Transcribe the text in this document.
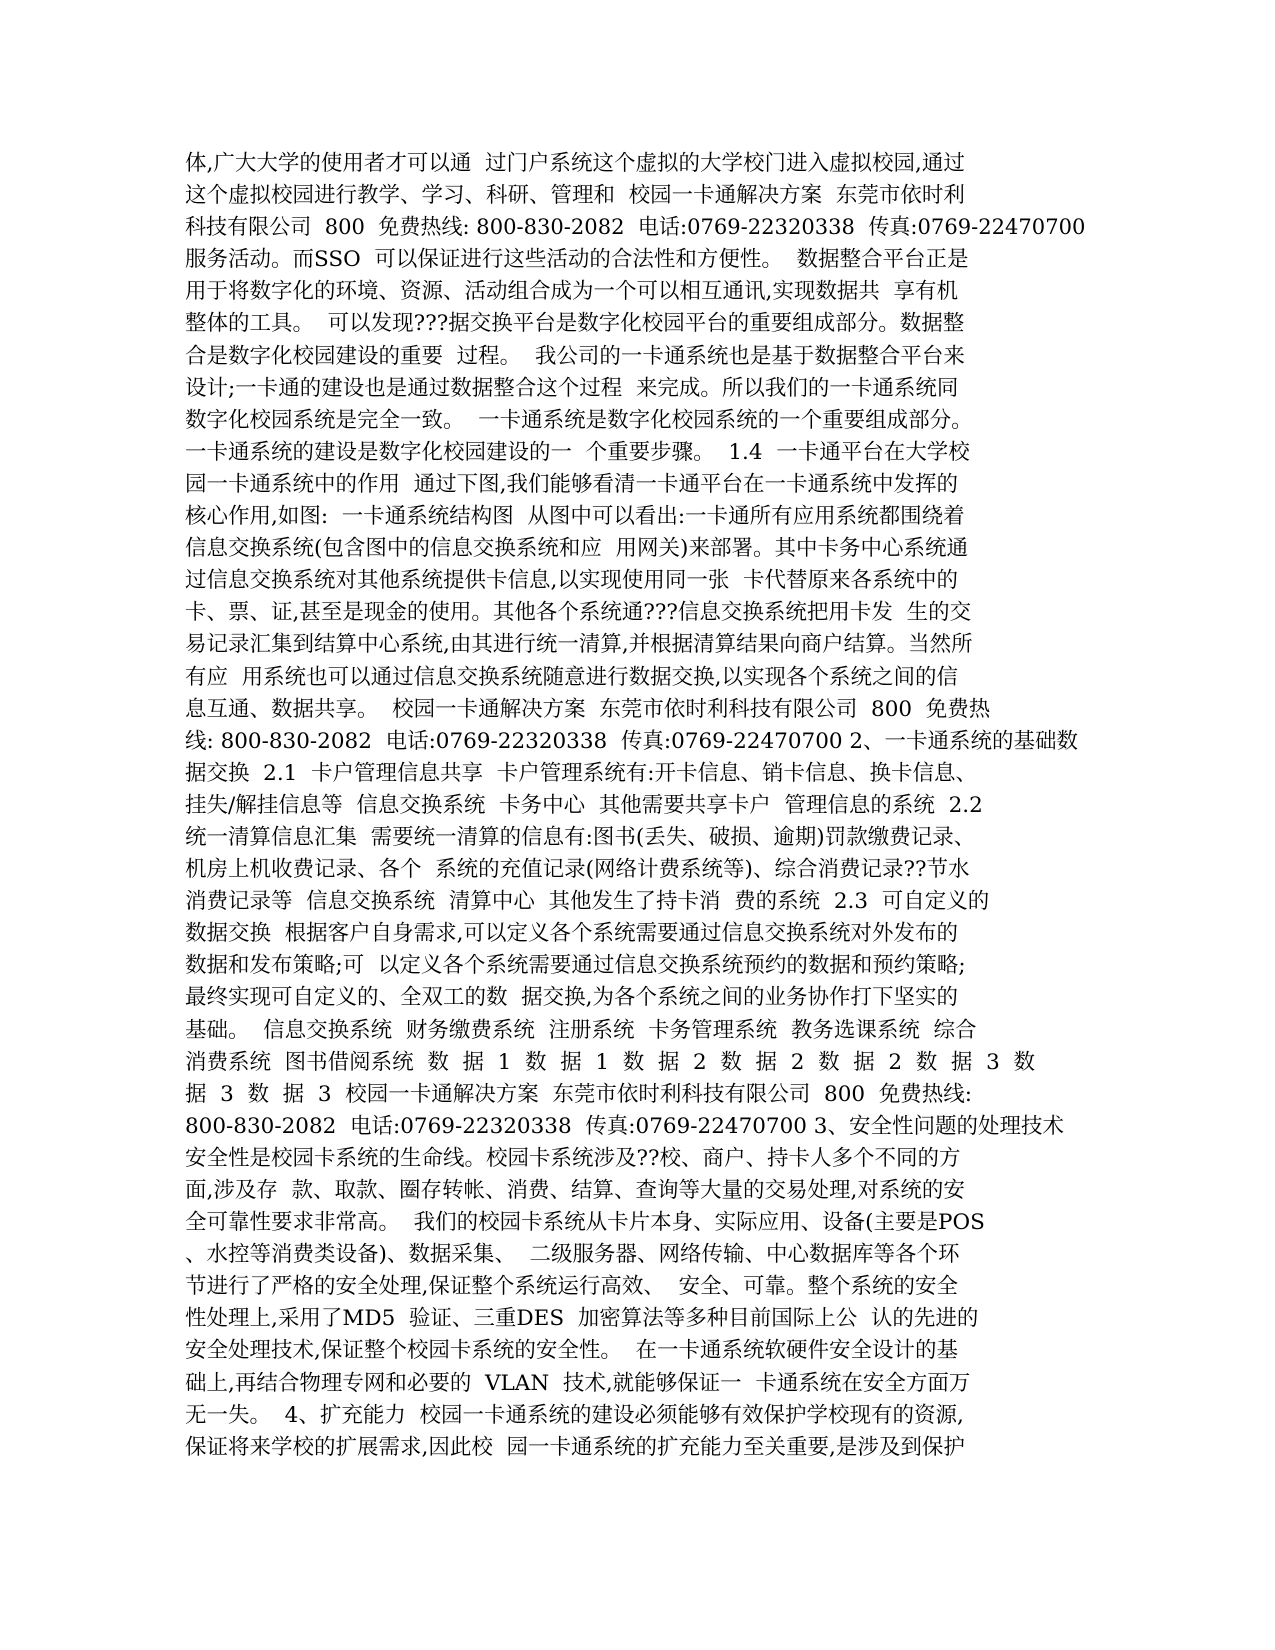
体,广大大学的使用者才可以通  过门户系统这个虚拟的大学校门进入虚拟校园,通过
这个虚拟校园进行教学、学习、科研、管理和  校园一卡通解决方案  东莞市依时利
科技有限公司  800  免费热线: 800-830-2082  电话:0769-22320338  传真:0769-22470700
服务活动。而SSO  可以保证进行这些活动的合法性和方便性。  数据整合平台正是
用于将数字化的环境、资源、活动组合成为一个可以相互通讯,实现数据共  享有机
整体的工具。  可以发现???据交换平台是数字化校园平台的重要组成部分。数据整
合是数字化校园建设的重要  过程。  我公司的一卡通系统也是基于数据整合平台来
设计;一卡通的建设也是通过数据整合这个过程  来完成。所以我们的一卡通系统同
数字化校园系统是完全一致。  一卡通系统是数字化校园系统的一个重要组成部分。
一卡通系统的建设是数字化校园建设的一  个重要步骤。  1.4  一卡通平台在大学校
园一卡通系统中的作用  通过下图,我们能够看清一卡通平台在一卡通系统中发挥的
核心作用,如图:  一卡通系统结构图  从图中可以看出:一卡通所有应用系统都围绕着
信息交换系统(包含图中的信息交换系统和应  用网关)来部署。其中卡务中心系统通
过信息交换系统对其他系统提供卡信息,以实现使用同一张  卡代替原来各系统中的
卡、票、证,甚至是现金的使用。其他各个系统通???信息交换系统把用卡发  生的交
易记录汇集到结算中心系统,由其进行统一清算,并根据清算结果向商户结算。当然所
有应  用系统也可以通过信息交换系统随意进行数据交换,以实现各个系统之间的信
息互通、数据共享。  校园一卡通解决方案  东莞市依时利科技有限公司  800  免费热
线: 800-830-2082  电话:0769-22320338  传真:0769-22470700 2、一卡通系统的基础数
据交换  2.1  卡户管理信息共享  卡户管理系统有:开卡信息、销卡信息、换卡信息、
挂失/解挂信息等  信息交换系统  卡务中心  其他需要共享卡户  管理信息的系统  2.2
统一清算信息汇集  需要统一清算的信息有:图书(丢失、破损、逾期)罚款缴费记录、
机房上机收费记录、各个  系统的充值记录(网络计费系统等)、综合消费记录??节水
消费记录等  信息交换系统  清算中心  其他发生了持卡消  费的系统  2.3  可自定义的
数据交换  根据客户自身需求,可以定义各个系统需要通过信息交换系统对外发布的
数据和发布策略;可  以定义各个系统需要通过信息交换系统预约的数据和预约策略;
最终实现可自定义的、全双工的数  据交换,为各个系统之间的业务协作打下坚实的
基础。  信息交换系统  财务缴费系统  注册系统  卡务管理系统  教务选课系统  综合
消费系统  图书借阅系统  数  据  1  数  据  1  数  据  2  数  据  2  数  据  2  数  据  3  数
据  3  数  据  3  校园一卡通解决方案  东莞市依时利科技有限公司  800  免费热线:
800-830-2082  电话:0769-22320338  传真:0769-22470700 3、安全性问题的处理技术
安全性是校园卡系统的生命线。校园卡系统涉及??校、商户、持卡人多个不同的方
面,涉及存  款、取款、圈存转帐、消费、结算、查询等大量的交易处理,对系统的安
全可靠性要求非常高。  我们的校园卡系统从卡片本身、实际应用、设备(主要是POS
、水控等消费类设备)、数据采集、  二级服务器、网络传输、中心数据库等各个环
节进行了严格的安全处理,保证整个系统运行高效、  安全、可靠。整个系统的安全
性处理上,采用了MD5  验证、三重DES  加密算法等多种目前国际上公  认的先进的
安全处理技术,保证整个校园卡系统的安全性。  在一卡通系统软硬件安全设计的基
础上,再结合物理专网和必要的  VLAN  技术,就能够保证一  卡通系统在安全方面万
无一失。  4、扩充能力  校园一卡通系统的建设必须能够有效保护学校现有的资源,
保证将来学校的扩展需求,因此校  园一卡通系统的扩充能力至关重要,是涉及到保护
